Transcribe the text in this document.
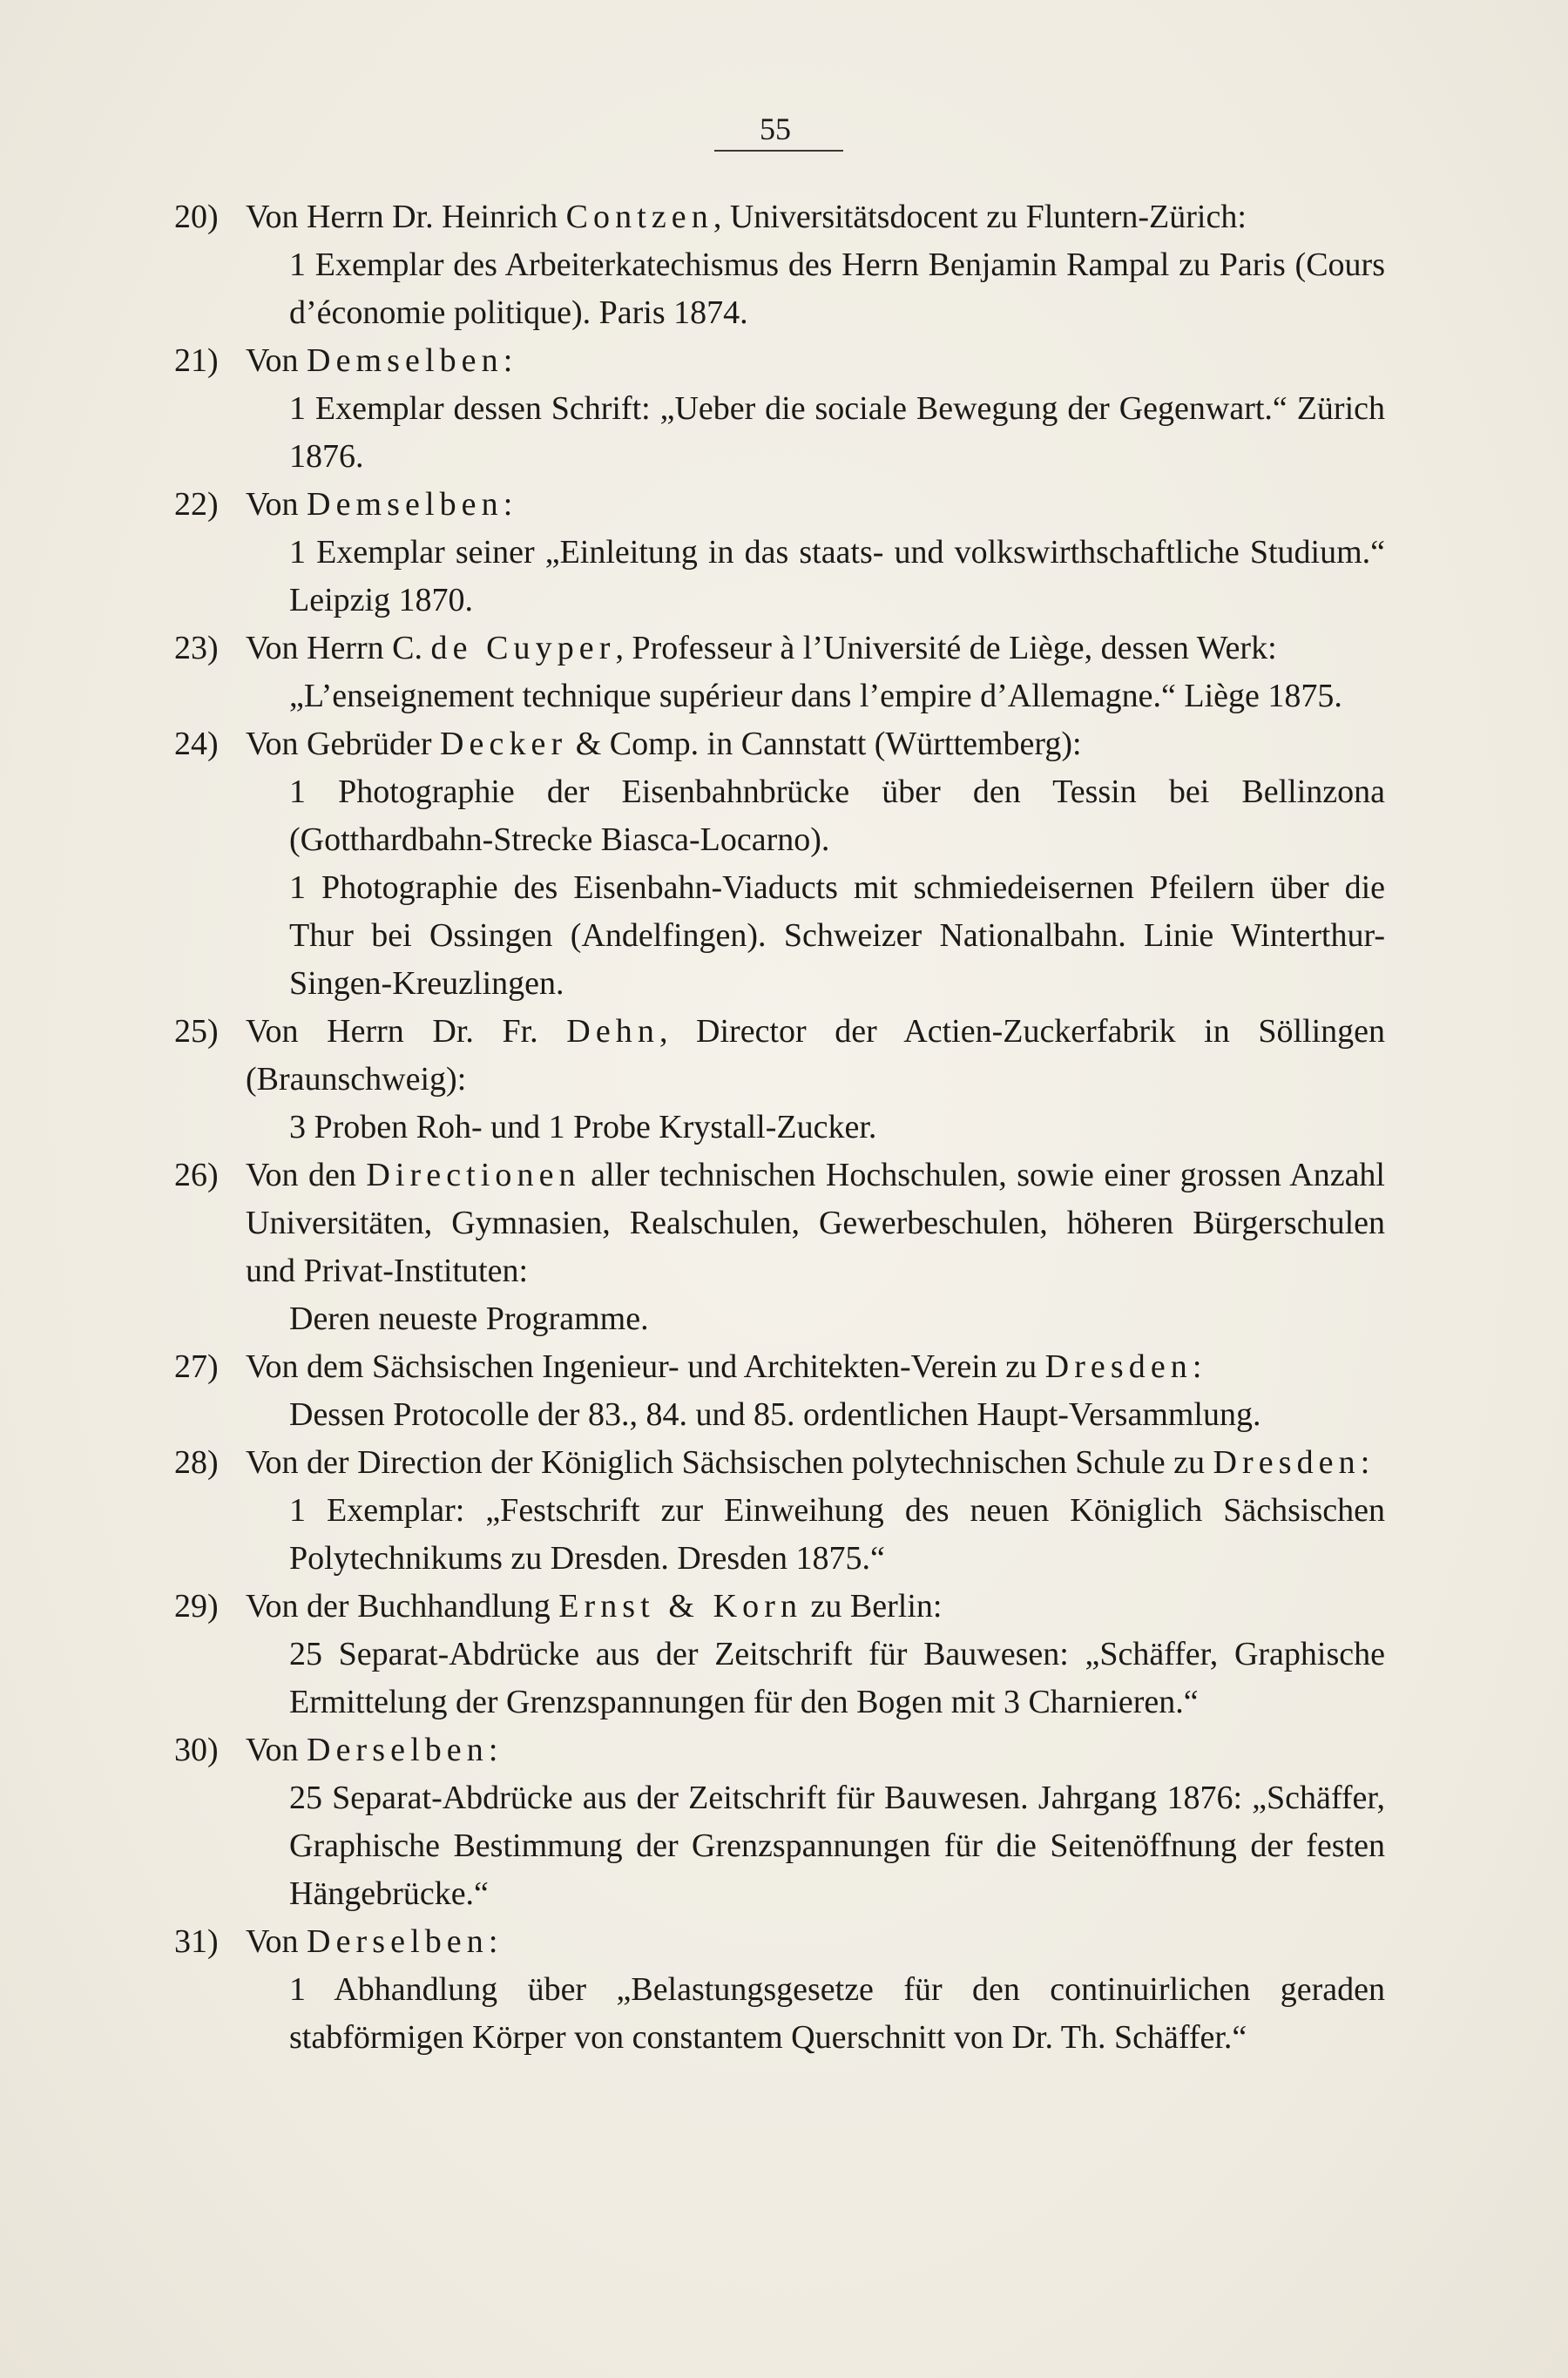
55
20) Von Herrn Dr. Heinrich Contzen, Universitätsdocent zu Fluntern-Zürich:
1 Exemplar des Arbeiterkatechismus des Herrn Benjamin Rampal zu Paris (Cours d’économie politique). Paris 1874.
21) Von Demselben:
1 Exemplar dessen Schrift: „Ueber die sociale Bewegung der Gegenwart.“ Zürich 1876.
22) Von Demselben:
1 Exemplar seiner „Einleitung in das staats- und volkswirthschaftliche Studium.“ Leipzig 1870.
23) Von Herrn C. de Cuyper, Professeur à l’Université de Liège, dessen Werk:
„L’enseignement technique supérieur dans l’empire d’Allemagne.“ Liège 1875.
24) Von Gebrüder Decker & Comp. in Cannstatt (Württemberg):
1 Photographie der Eisenbahnbrücke über den Tessin bei Bellinzona (Gotthardbahn-Strecke Biasca-Locarno).
1 Photographie des Eisenbahn-Viaducts mit schmiedeisernen Pfeilern über die Thur bei Ossingen (Andelfingen). Schweizer Nationalbahn. Linie Winterthur-Singen-Kreuzlingen.
25) Von Herrn Dr. Fr. Dehn, Director der Actien-Zuckerfabrik in Söllingen (Braunschweig):
3 Proben Roh- und 1 Probe Krystall-Zucker.
26) Von den Directionen aller technischen Hochschulen, sowie einer grossen Anzahl Universitäten, Gymnasien, Realschulen, Gewerbeschulen, höheren Bürgerschulen und Privat-Instituten:
Deren neueste Programme.
27) Von dem Sächsischen Ingenieur- und Architekten-Verein zu Dresden:
Dessen Protocolle der 83., 84. und 85. ordentlichen Haupt-Versammlung.
28) Von der Direction der Königlich Sächsischen polytechnischen Schule zu Dresden:
1 Exemplar: „Festschrift zur Einweihung des neuen Königlich Sächsischen Polytechnikums zu Dresden. Dresden 1875.“
29) Von der Buchhandlung Ernst & Korn zu Berlin:
25 Separat-Abdrücke aus der Zeitschrift für Bauwesen: „Schäffer, Graphische Ermittelung der Grenzspannungen für den Bogen mit 3 Charnieren.“
30) Von Derselben:
25 Separat-Abdrücke aus der Zeitschrift für Bauwesen. Jahrgang 1876: „Schäffer, Graphische Bestimmung der Grenzspannungen für die Seitenöffnung der festen Hängebrücke.“
31) Von Derselben:
1 Abhandlung über „Belastungsgesetze für den continuirlichen geraden stabförmigen Körper von constantem Querschnitt von Dr. Th. Schäffer.“
